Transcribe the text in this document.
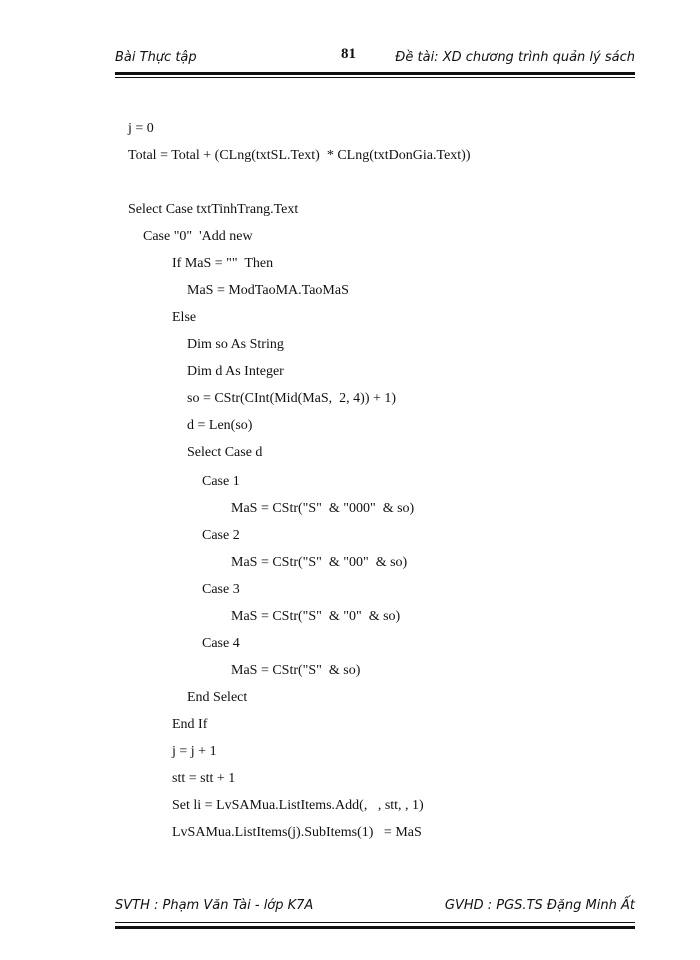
Bài Thực tập	81	Đề tài: XD chương trình quản lý sách
j = 0
Total = Total + (CLng(txtSL.Text)  * CLng(txtDonGia.Text))
Select Case txtTinhTrang.Text
Case "0"  'Add new
If MaS = ""  Then
MaS = ModTaoMA.TaoMaS
Else
Dim so As String
Dim d As Integer
so = CStr(CInt(Mid(MaS,  2, 4)) + 1)
d = Len(so)
Select Case d
Case 1
MaS = CStr("S"  & "000"  & so)
Case 2
MaS = CStr("S"  & "00"  & so)
Case 3
MaS = CStr("S"  & "0"  & so)
Case 4
MaS = CStr("S"  & so)
End Select
End If
j = j + 1
stt = stt + 1
Set li = LvSAMua.ListItems.Add(,   , stt, , 1)
LvSAMua.ListItems(j).SubItems(1)   = MaS
SVTH : Phạm Văn Tài - lớp K7A	GVHD : PGS.TS Đặng Minh Ất
